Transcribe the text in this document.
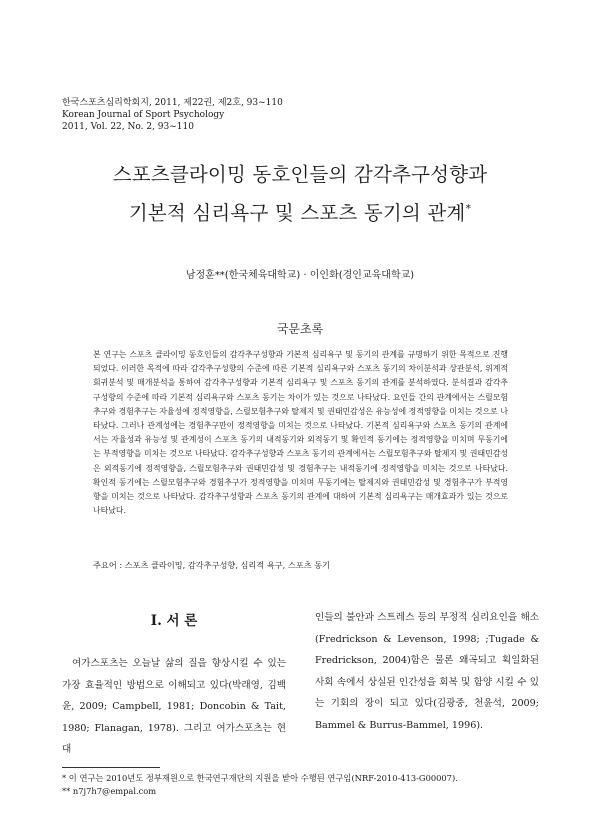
한국스포츠심리학회지, 2011, 제22권, 제2호, 93~110
Korean Journal of Sport Psychology
2011, Vol. 22, No. 2, 93~110
스포츠클라이밍 동호인들의 감각추구성향과
기본적 심리욕구 및 스포츠 동기의 관계*
남정훈**(한국체육대학교) · 이인화(경인교육대학교)
국문초록
본 연구는 스포츠 클라이밍 동호인들의 감각추구성향과 기본적 심리욕구 및 동기의 관계를 규명하기 위한 목적으로 진행되었다. 이러한 목적에 따라 감각추구성향의 수준에 따른 기본적 심리욕구와 스포츠 동기의 차이분석과 상관분석, 위계적 회귀분석 및 매개분석을 통하여 감각추구성향과 기본적 심리욕구 및 스포츠 동기의 관계를 분석하였다. 분석결과 감각추구성향의 수준에 따라 기본적 심리욕구와 스포츠 동기는 차이가 있는 것으로 나타났다. 요인들 간의 관계에서는 스릴모험추구와 경험추구는 자율성에 정적영향을, 스릴모험추구와 탈제지 및 권태민감성은 유능성에 정적영향을 미치는 것으로 나타났다. 그러나 관계성에는 경험추구만이 정적영향을 미치는 것으로 나타났다. 기본적 심리욕구와 스포츠 동기의 관계에서는 자율성과 유능성 및 관계성이 스포츠 동기의 내적동기와 외적동기 및 확인적 동기에는 정적영향을 미치며 무동기에는 부적영향을 미치는 것으로 나타났다. 감각추구성향과 스포츠 동기의 관계에서는 스릴모험추구와 탈제지 및 권태민감성은 외적동기에 정적영향을, 스릴모험추구와 권태민감성 및 경험추구는 내적동기에 정적영향을 미치는 것으로 나타났다. 확인적 동기에는 스릴모험추구와 경험추구가 정적영향을 미치며 무동기에는 탈제지와 권태민감성 및 경험추구가 부적영향을 미치는 것으로 나타났다. 감각추구성향과 스포츠 동기의 관계에 대하여 기본적 심리욕구는 매개효과가 있는 것으로 나타났다.
주요어 : 스포츠 클라이밍, 감각추구성향, 심리적 욕구, 스포츠 동기
I. 서 론
여가스포츠는 오늘날 삶의 질을 향상시킬 수 있는 가장 효율적인 방법으로 이해되고 있다(박래영, 김백윤, 2009; Campbell, 1981; Doncobin & Tait, 1980; Flanagan, 1978). 그리고 여가스포츠는 현대
인들의 불안과 스트레스 등의 부정적 심리요인을 해소(Fredrickson & Levenson, 1998; ;Tugade & Fredrickson, 2004)함은 물론 왜곡되고 획일화된 사회 속에서 상실된 인간성을 회복 및 함양 시킬 수 있는 기회의 장이 되고 있다(김광중, 천윤석, 2009; Bammel & Burrus-Bammel, 1996).
* 이 연구는 2010년도 정부재원으로 한국연구재단의 지원을 받아 수행된 연구임(NRF-2010-413-G00007).
** n7j7h7@empal.com
